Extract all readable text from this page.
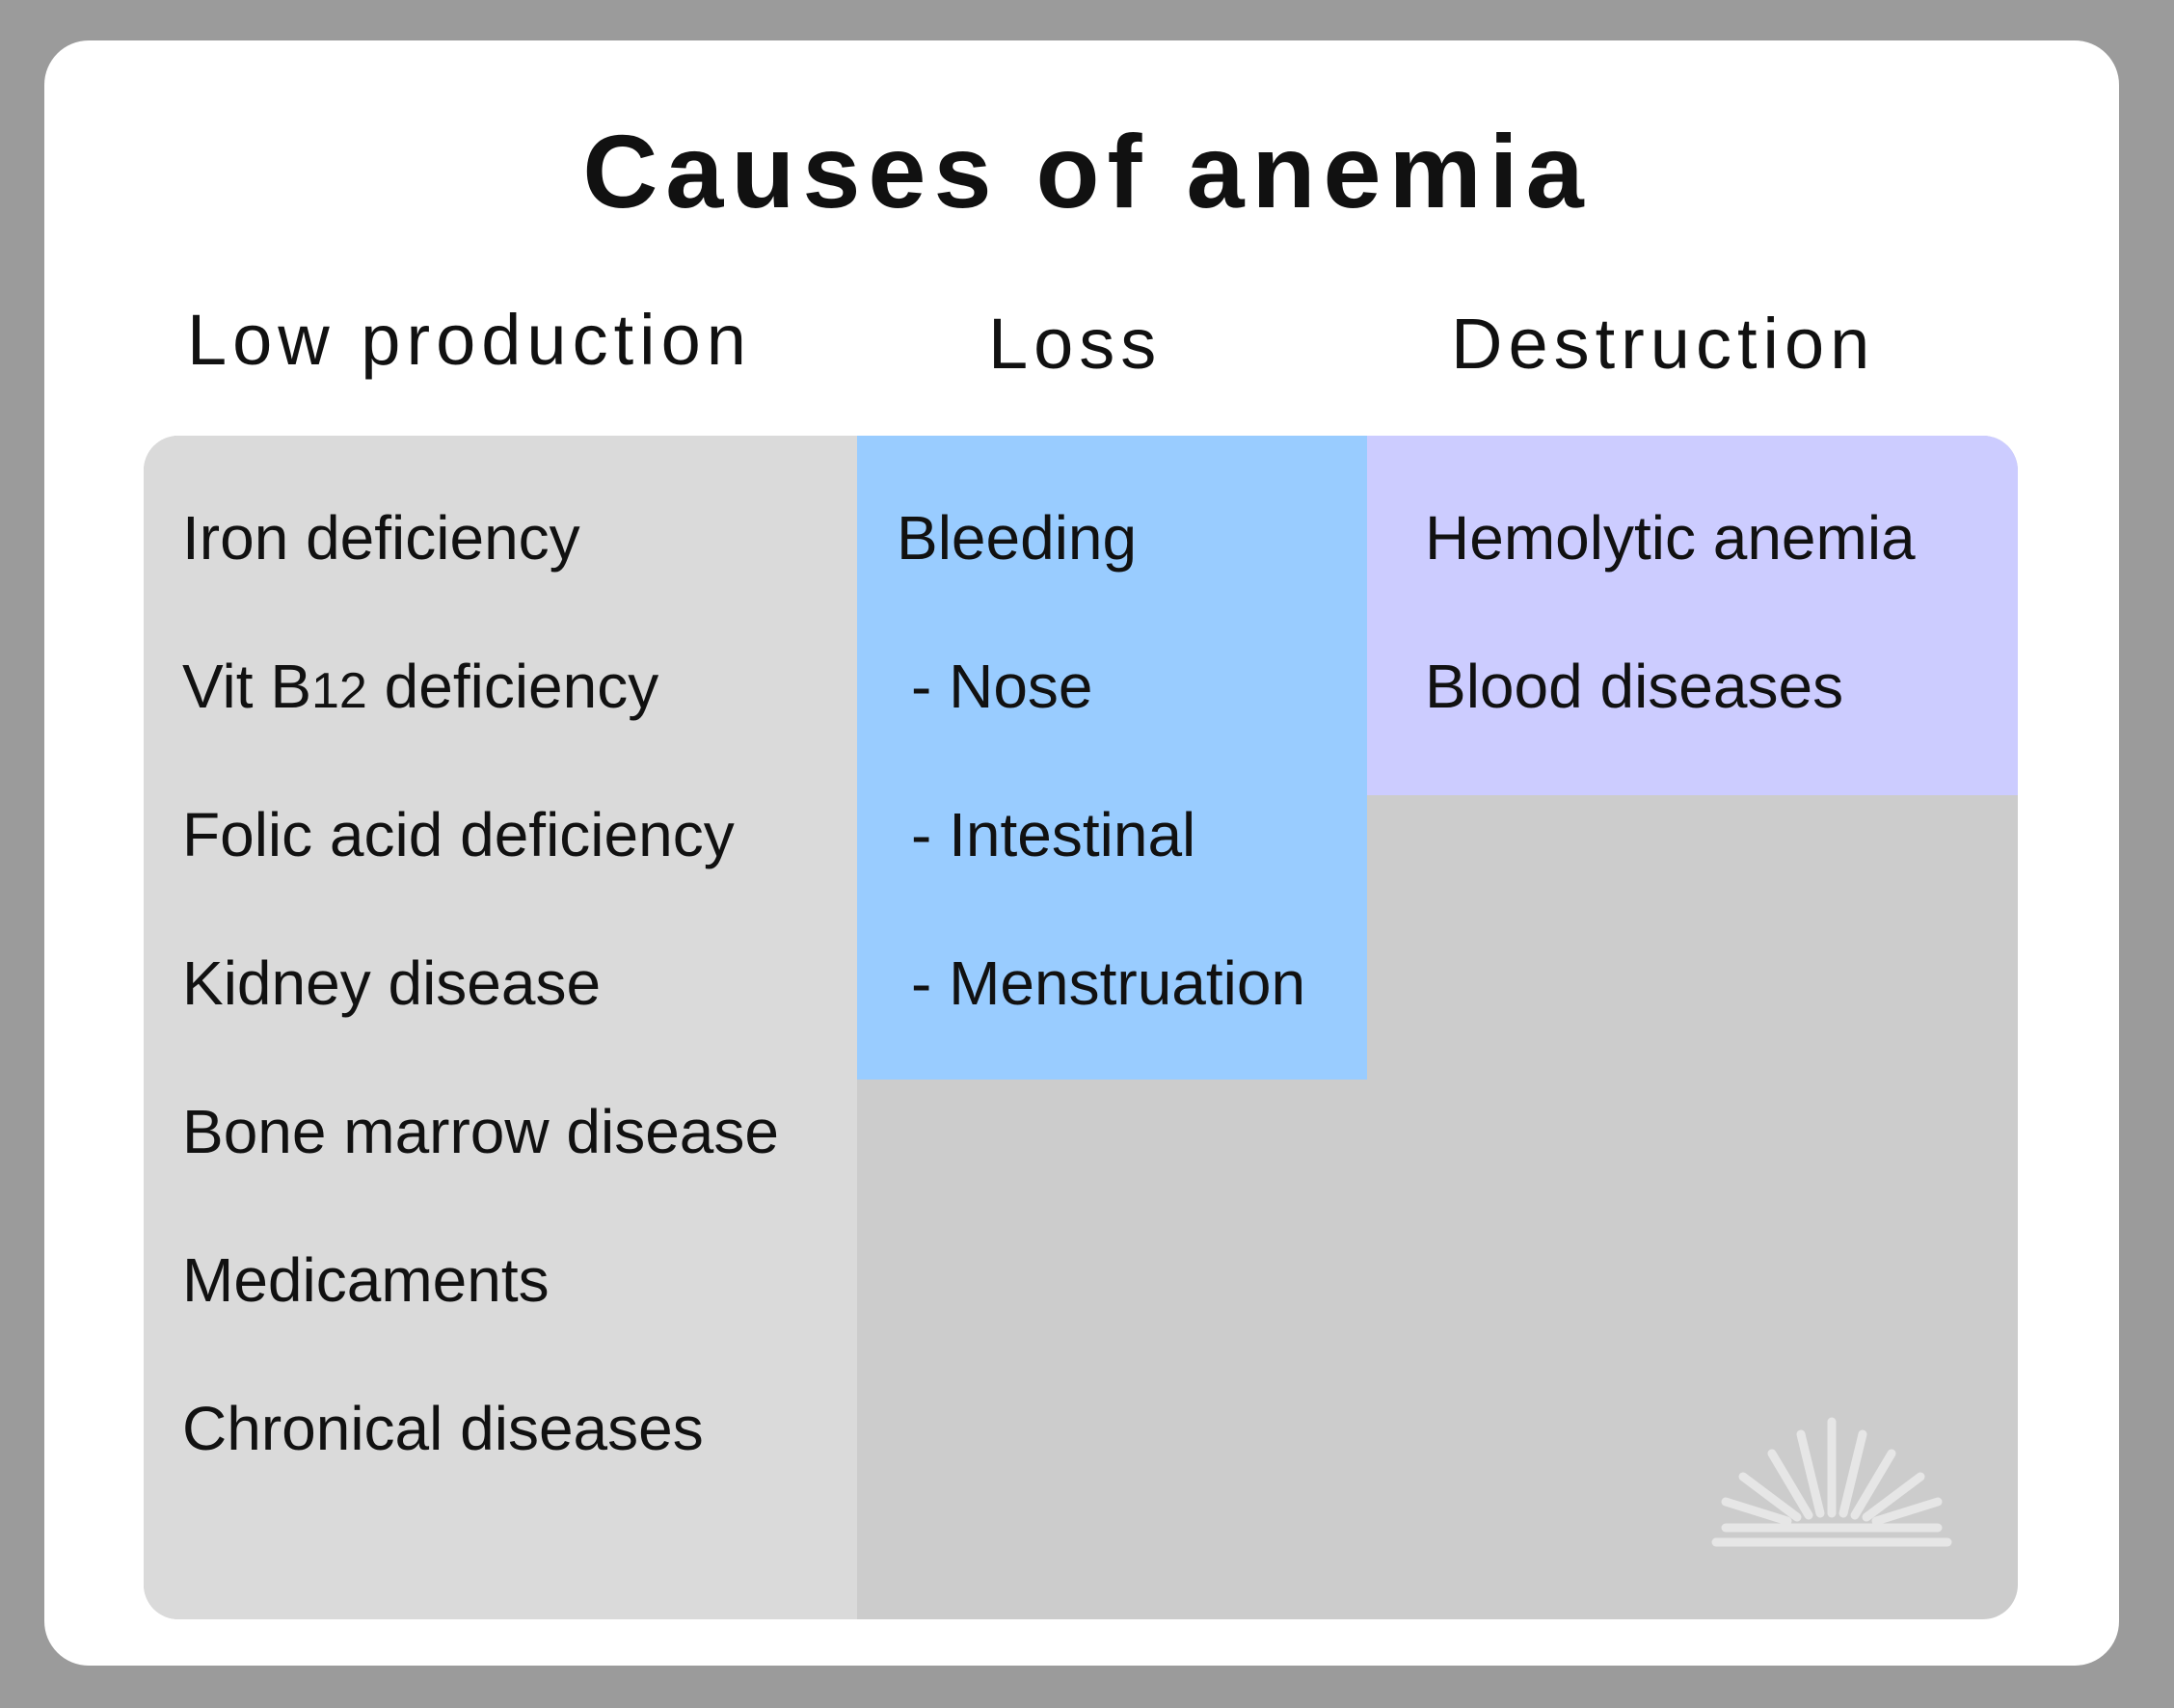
Causes of anemia
Low production	Loss	Destruction
Iron deficiency
Vit B12 deficiency
Folic acid deficiency
Kidney disease
Bone marrow disease
Medicaments
Chronical diseases
Bleeding
- Nose
- Intestinal
- Menstruation
Hemolytic anemia
Blood diseases
